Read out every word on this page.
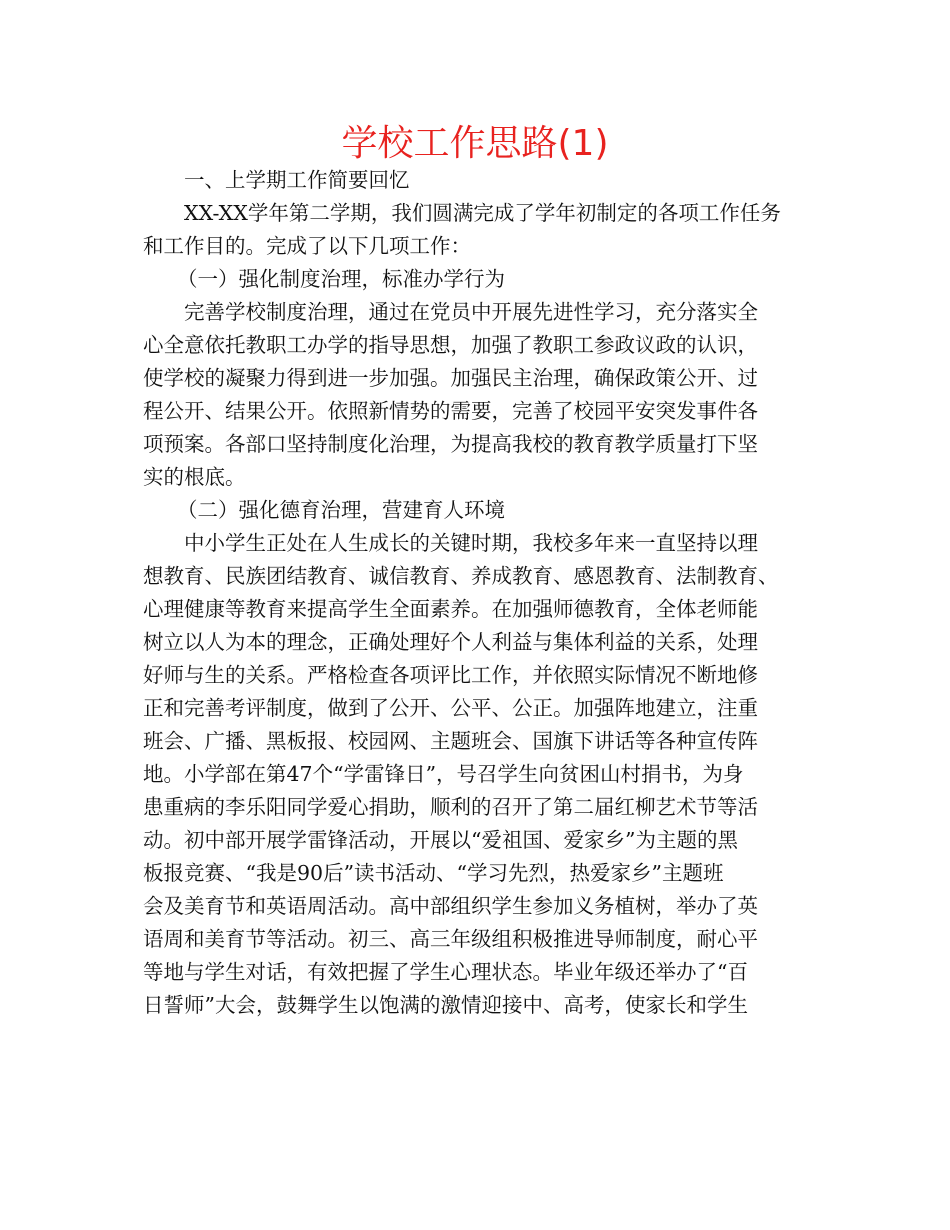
学校工作思路(1)
一、上学期工作简要回忆
XX-XX学年第二学期，我们圆满完成了学年初制定的各项工作任务
和工作目的。完成了以下几项工作：
（一）强化制度治理，标准办学行为
完善学校制度治理，通过在党员中开展先进性学习，充分落实全
心全意依托教职工办学的指导思想，加强了教职工参政议政的认识，
使学校的凝聚力得到进一步加强。加强民主治理，确保政策公开、过
程公开、结果公开。依照新情势的需要，完善了校园平安突发事件各
项预案。各部口坚持制度化治理，为提高我校的教育教学质量打下坚
实的根底。
（二）强化德育治理，营建育人环境
中小学生正处在人生成长的关键时期，我校多年来一直坚持以理
想教育、民族团结教育、诚信教育、养成教育、感恩教育、法制教育、
心理健康等教育来提高学生全面素养。在加强师德教育，全体老师能
树立以人为本的理念，正确处理好个人利益与集体利益的关系，处理
好师与生的关系。严格检查各项评比工作，并依照实际情况不断地修
正和完善考评制度，做到了公开、公平、公正。加强阵地建立，注重
班会、广播、黑板报、校园网、主题班会、国旗下讲话等各种宣传阵
地。小学部在第47个“学雷锋日”，号召学生向贫困山村捐书，为身
患重病的李乐阳同学爱心捐助，顺利的召开了第二届红柳艺术节等活
动。初中部开展学雷锋活动，开展以“爱祖国、爱家乡”为主题的黑
板报竞赛、“我是90后”读书活动、“学习先烈，热爱家乡”主题班
会及美育节和英语周活动。高中部组织学生参加义务植树，举办了英
语周和美育节等活动。初三、高三年级组积极推进导师制度，耐心平
等地与学生对话，有效把握了学生心理状态。毕业年级还举办了“百
日誓师”大会，鼓舞学生以饱满的激情迎接中、高考，使家长和学生
